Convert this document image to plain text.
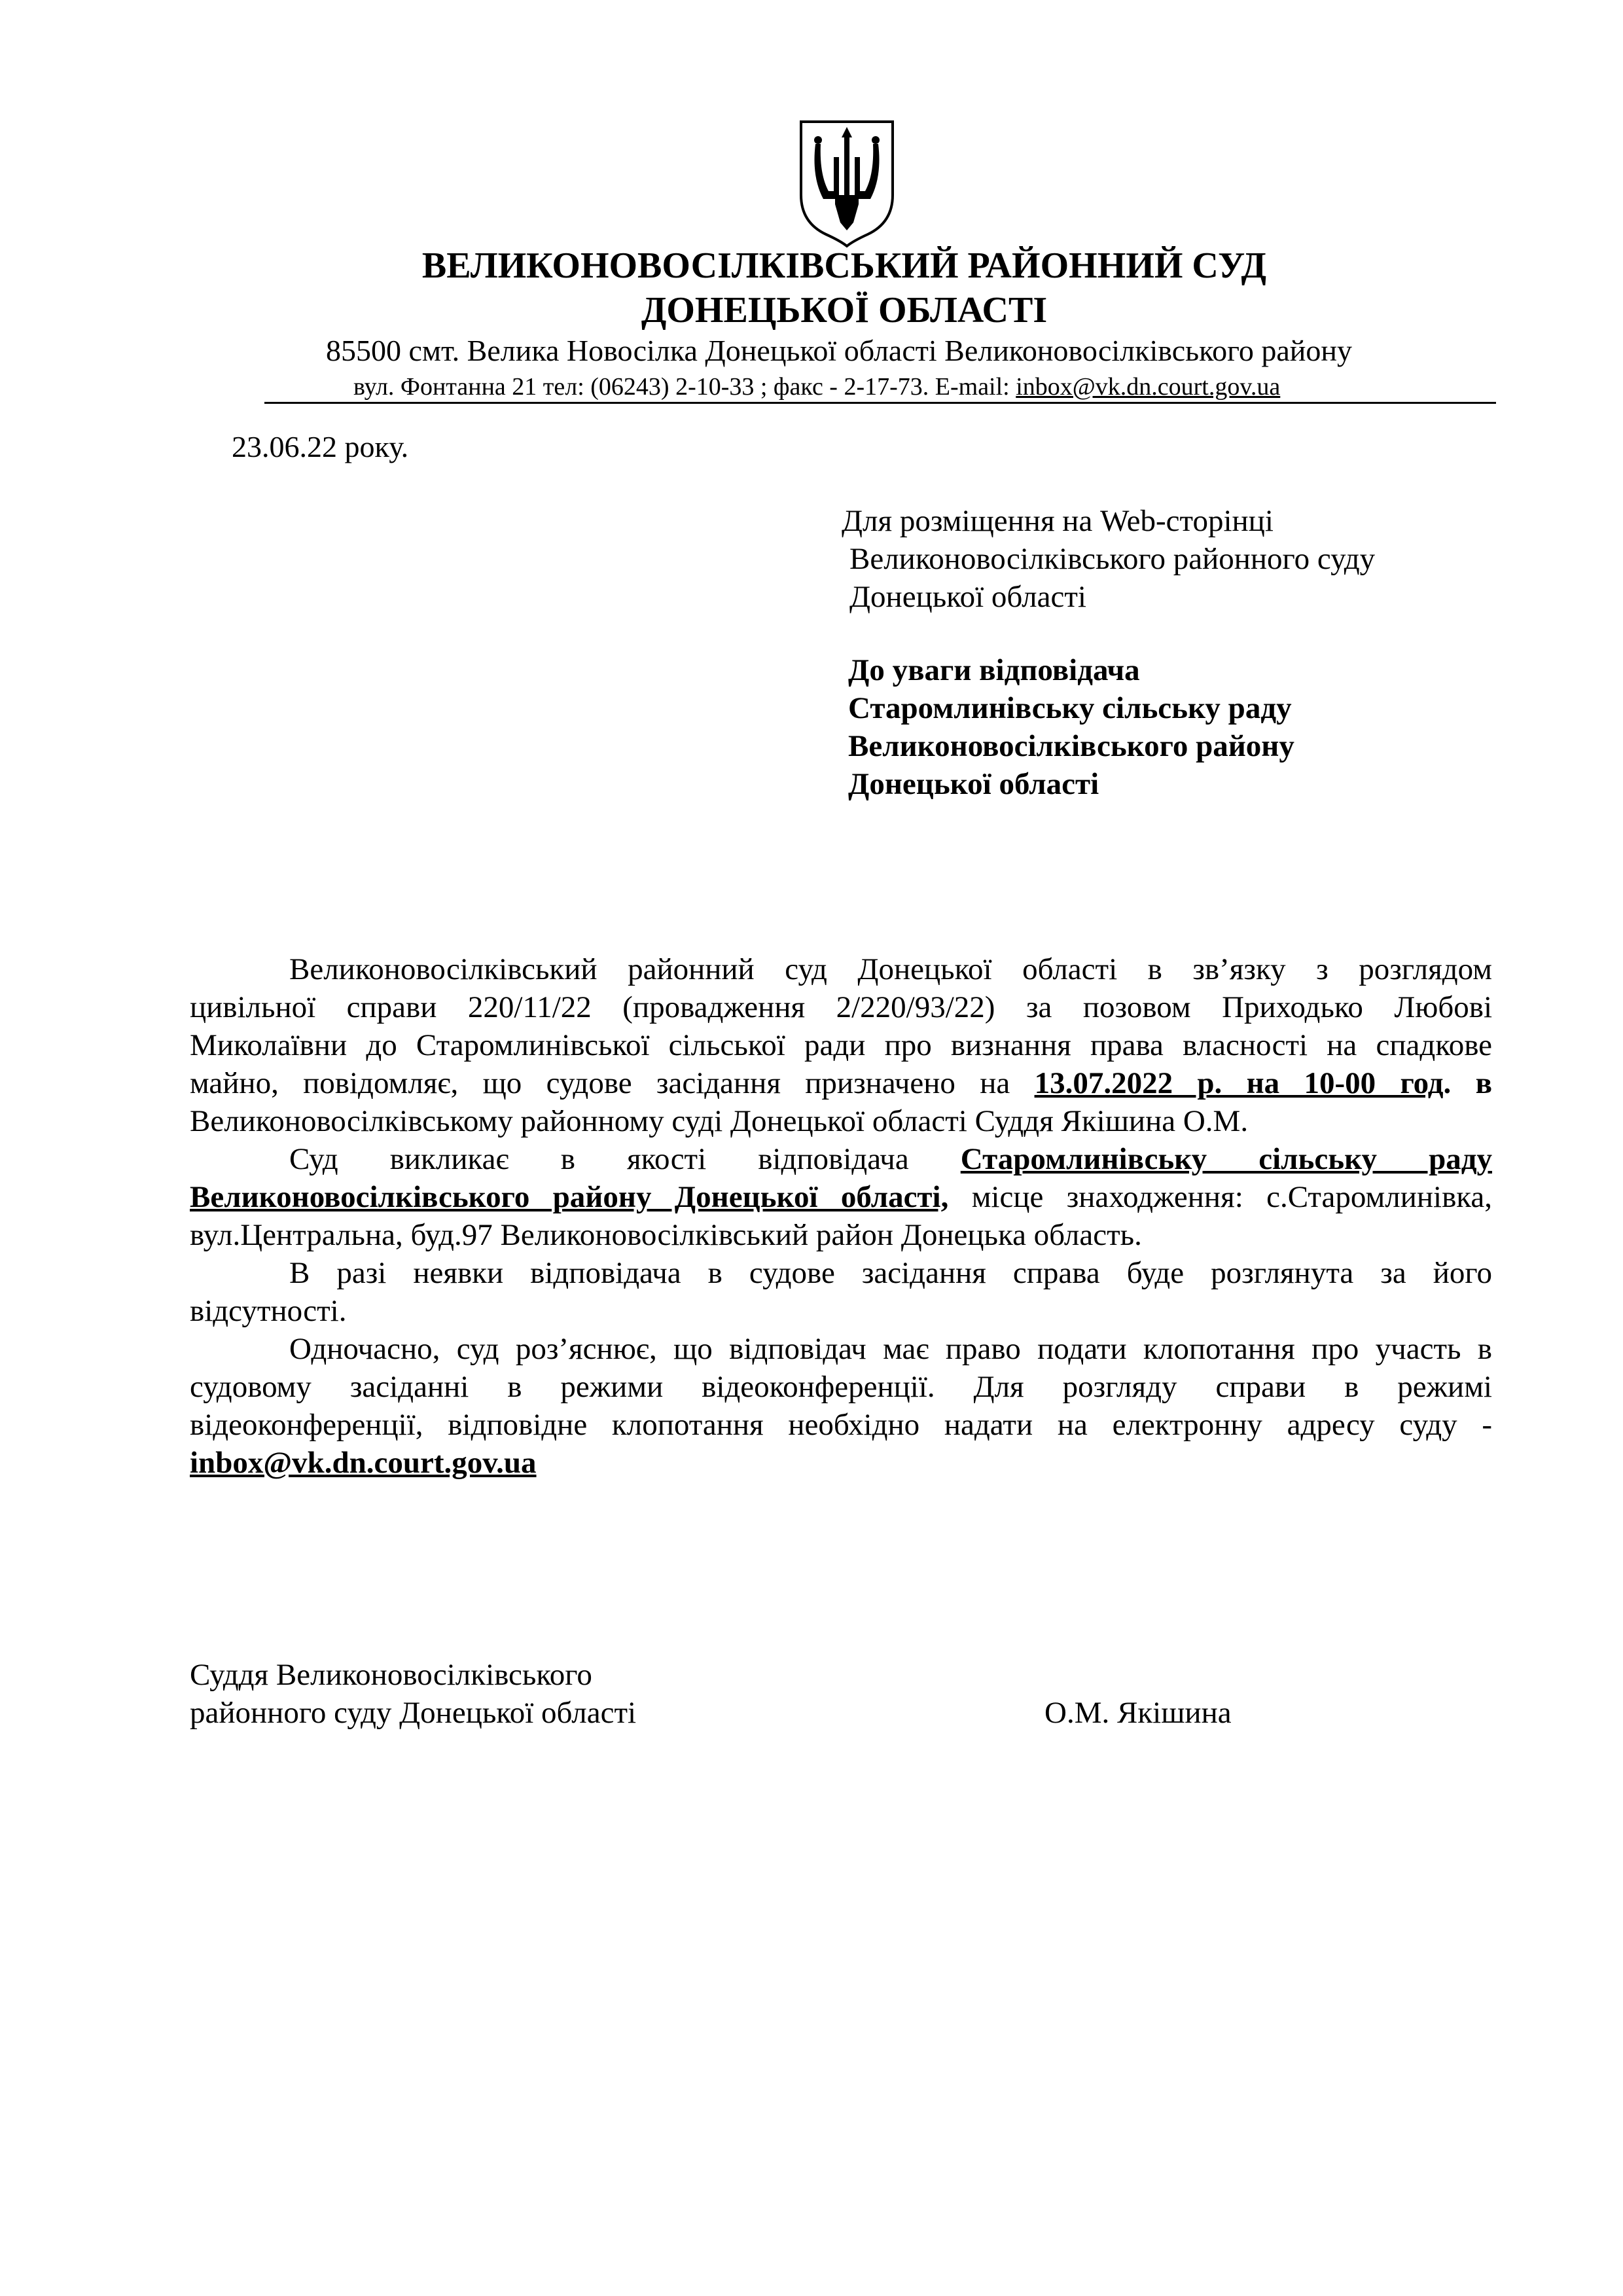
ВЕЛИКОНОВОСІЛКІВСЬКИЙ РАЙОННИЙ СУД

ДОНЕЦЬКОЇ ОБЛАСТІ

85500 смт. Велика Новосілка Донецької області Великоновосілківського району

вул. Фонтанна 21 тел: (06243) 2-10-33 ; факс - 2-17-73. E-mail: inbox@vk.dn.court.gov.ua

23.06.22 року.

Для розміщення на Web-сторінці

Великоновосілківського районного суду

Донецької області

До уваги відповідача

Старомлинівську сільську раду

Великоновосілківського району

Донецької області

Великоновосілківський районний суд Донецької області в зв’язку з розглядом
цивільної справи 220/11/22 (провадження 2/220/93/22) за позовом Приходько Любові
Миколаївни до Старомлинівської сільської ради про визнання права власності на спадкове
майно, повідомляє, що судове засідання призначено на 13.07.2022 р. на 10-00 год. в
Великоновосілківському районному суді Донецької області Суддя Якішина О.М.
Суд викликає в якості відповідача Старомлинівську сільську раду
Великоновосілківського району Донецької області, місце знаходження: с.Старомлинівка,
вул.Центральна, буд.97 Великоновосілківський район Донецька область.
В разі неявки відповідача в судове засідання справа буде розглянута за його
відсутності.
Одночасно, суд роз’яснює, що відповідач має право подати клопотання про участь в
судовому засіданні в режими відеоконференції. Для розгляду справи в режимі
відеоконференції, відповідне клопотання необхідно надати на електронну адресу суду -
inbox@vk.dn.court.gov.ua

Суддя Великоновосілківського

районного суду Донецької області	О.М. Якішина
